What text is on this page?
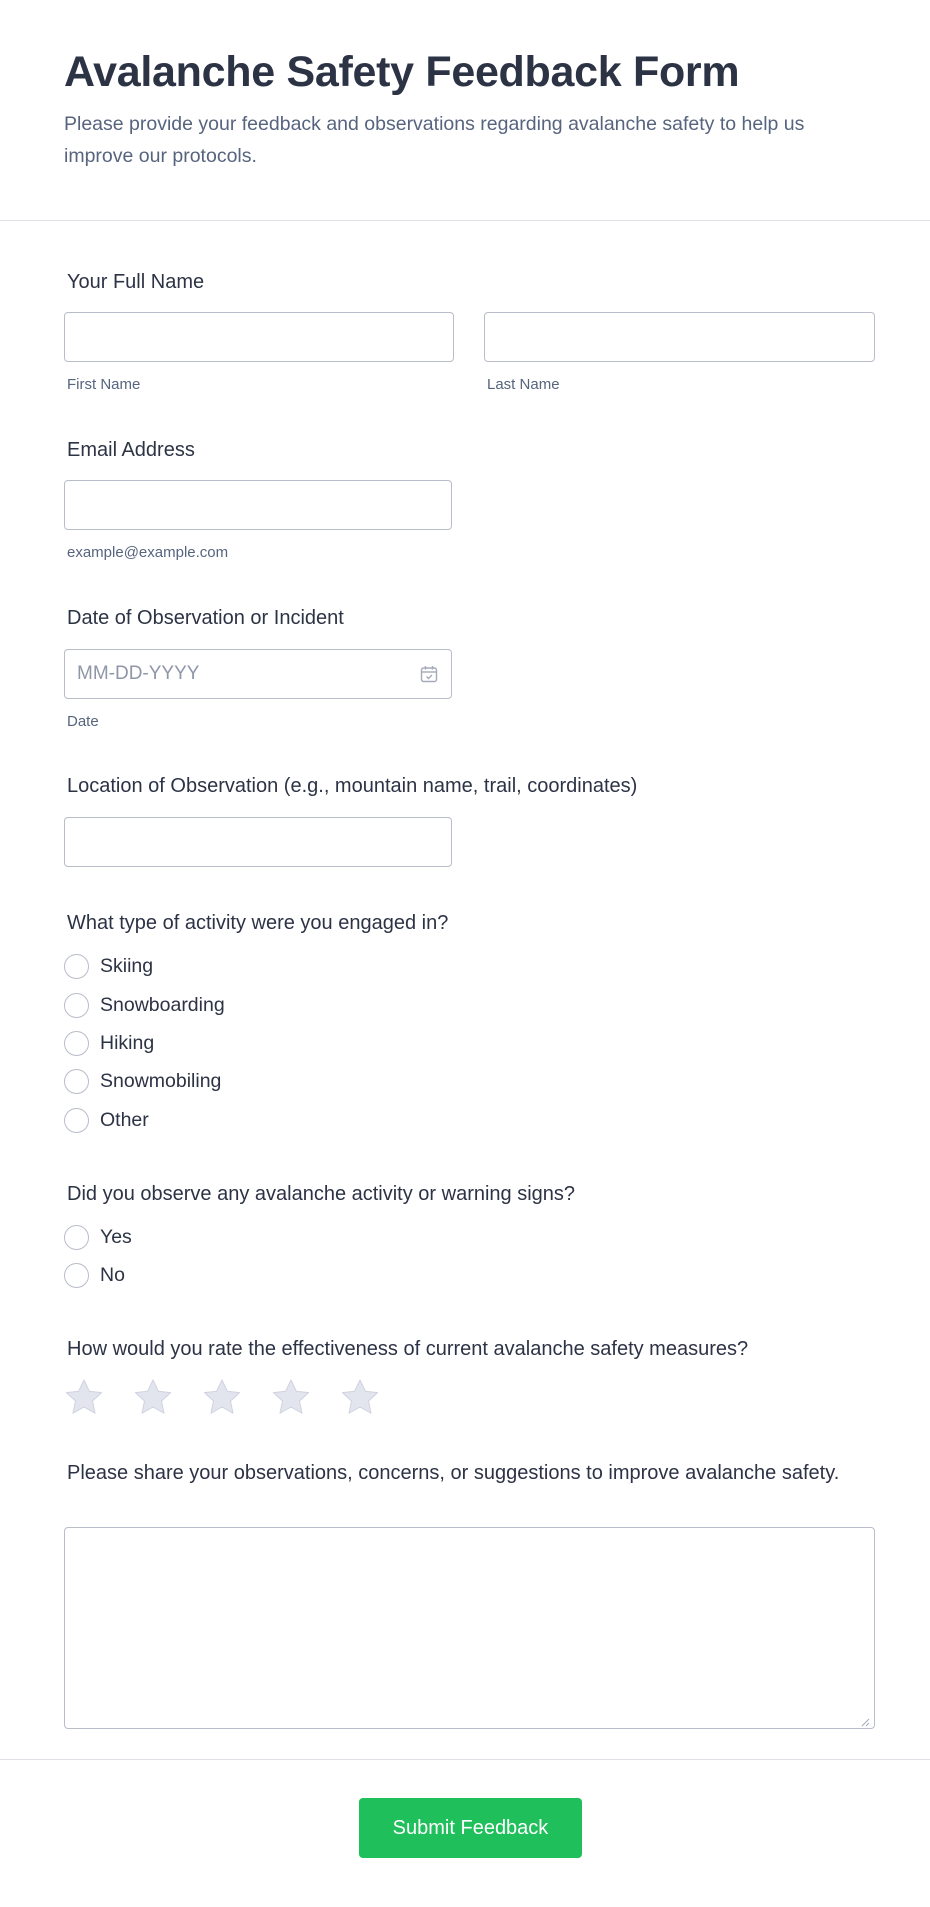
Avalanche Safety Feedback Form

Please provide your feedback and observations regarding avalanche safety to help us improve our protocols.

Your Full Name
First Name	Last Name
Email Address
example@example.com
Date of Observation or Incident
MM-DD-YYYY
Date
Location of Observation (e.g., mountain name, trail, coordinates)
What type of activity were you engaged in?
Skiing
Snowboarding
Hiking
Snowmobiling
Other
Did you observe any avalanche activity or warning signs?
Yes
No
How would you rate the effectiveness of current avalanche safety measures?
Please share your observations, concerns, or suggestions to improve avalanche safety.
Submit Feedback
